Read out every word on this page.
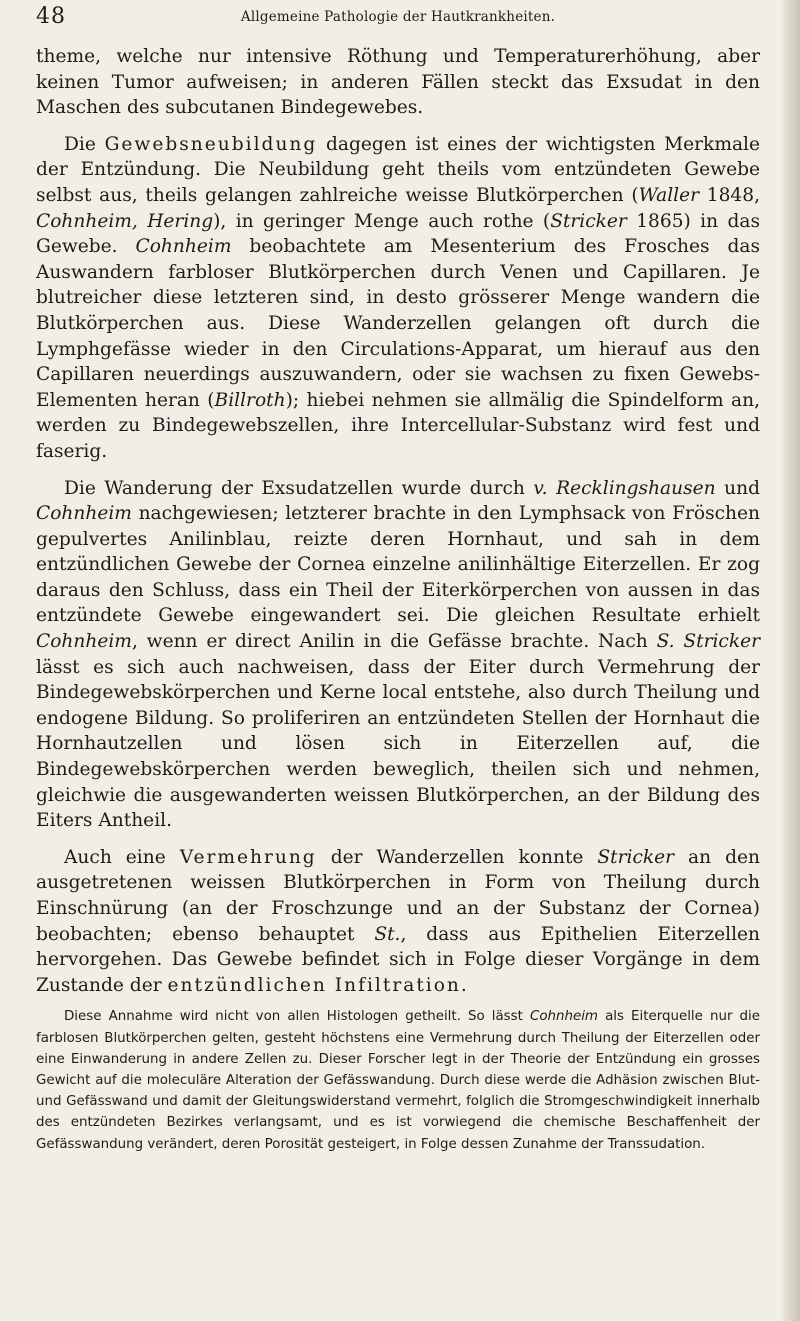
48	Allgemeine Pathologie der Hautkrankheiten.

theme, welche nur intensive Röthung und Temperaturerhöhung, aber keinen Tumor aufweisen; in anderen Fällen steckt das Exsudat in den Maschen des subcutanen Bindegewebes.

Die Gewebsneubildung dagegen ist eines der wichtigsten Merkmale der Entzündung. Die Neubildung geht theils vom entzündeten Gewebe selbst aus, theils gelangen zahlreiche weisse Blutkörperchen (Waller 1848, Cohnheim, Hering), in geringer Menge auch rothe (Stricker 1865) in das Gewebe. Cohnheim beobachtete am Mesenterium des Frosches das Auswandern farbloser Blutkörperchen durch Venen und Capillaren. Je blutreicher diese letzteren sind, in desto grösserer Menge wandern die Blutkörperchen aus. Diese Wanderzellen gelangen oft durch die Lymphgefässe wieder in den Circulations-Apparat, um hierauf aus den Capillaren neuerdings auszuwandern, oder sie wachsen zu fixen Gewebs-Elementen heran (Billroth); hiebei nehmen sie allmälig die Spindelform an, werden zu Bindegewebszellen, ihre Intercellular-Substanz wird fest und faserig.

Die Wanderung der Exsudatzellen wurde durch v. Recklingshausen und Cohnheim nachgewiesen; letzterer brachte in den Lymphsack von Fröschen gepulvertes Anilinblau, reizte deren Hornhaut, und sah in dem entzündlichen Gewebe der Cornea einzelne anilinhältige Eiterzellen. Er zog daraus den Schluss, dass ein Theil der Eiterkörperchen von aussen in das entzündete Gewebe eingewandert sei. Die gleichen Resultate erhielt Cohnheim, wenn er direct Anilin in die Gefässe brachte. Nach S. Stricker lässt es sich auch nachweisen, dass der Eiter durch Vermehrung der Bindegewebskörperchen und Kerne local entstehe, also durch Theilung und endogene Bildung. So proliferiren an entzündeten Stellen der Hornhaut die Hornhautzellen und lösen sich in Eiterzellen auf, die Bindegewebskörperchen werden beweglich, theilen sich und nehmen, gleichwie die ausgewanderten weissen Blutkörperchen, an der Bildung des Eiters Antheil.

Auch eine Vermehrung der Wanderzellen konnte Stricker an den ausgetretenen weissen Blutkörperchen in Form von Theilung durch Einschnürung (an der Froschzunge und an der Substanz der Cornea) beobachten; ebenso behauptet St., dass aus Epithelien Eiterzellen hervorgehen. Das Gewebe befindet sich in Folge dieser Vorgänge in dem Zustande der entzündlichen Infiltration.

Diese Annahme wird nicht von allen Histologen getheilt. So lässt Cohnheim als Eiterquelle nur die farblosen Blutkörperchen gelten, gesteht höchstens eine Vermehrung durch Theilung der Eiterzellen oder eine Einwanderung in andere Zellen zu. Dieser Forscher legt in der Theorie der Entzündung ein grosses Gewicht auf die moleculäre Alteration der Gefässwandung. Durch diese werde die Adhäsion zwischen Blut- und Gefässwand und damit der Gleitungswiderstand vermehrt, folglich die Stromgeschwindigkeit innerhalb des entzündeten Bezirkes verlangsamt, und es ist vorwiegend die chemische Beschaffenheit der Gefässwandung verändert, deren Porosität gesteigert, in Folge dessen Zunahme der Transsudation.
